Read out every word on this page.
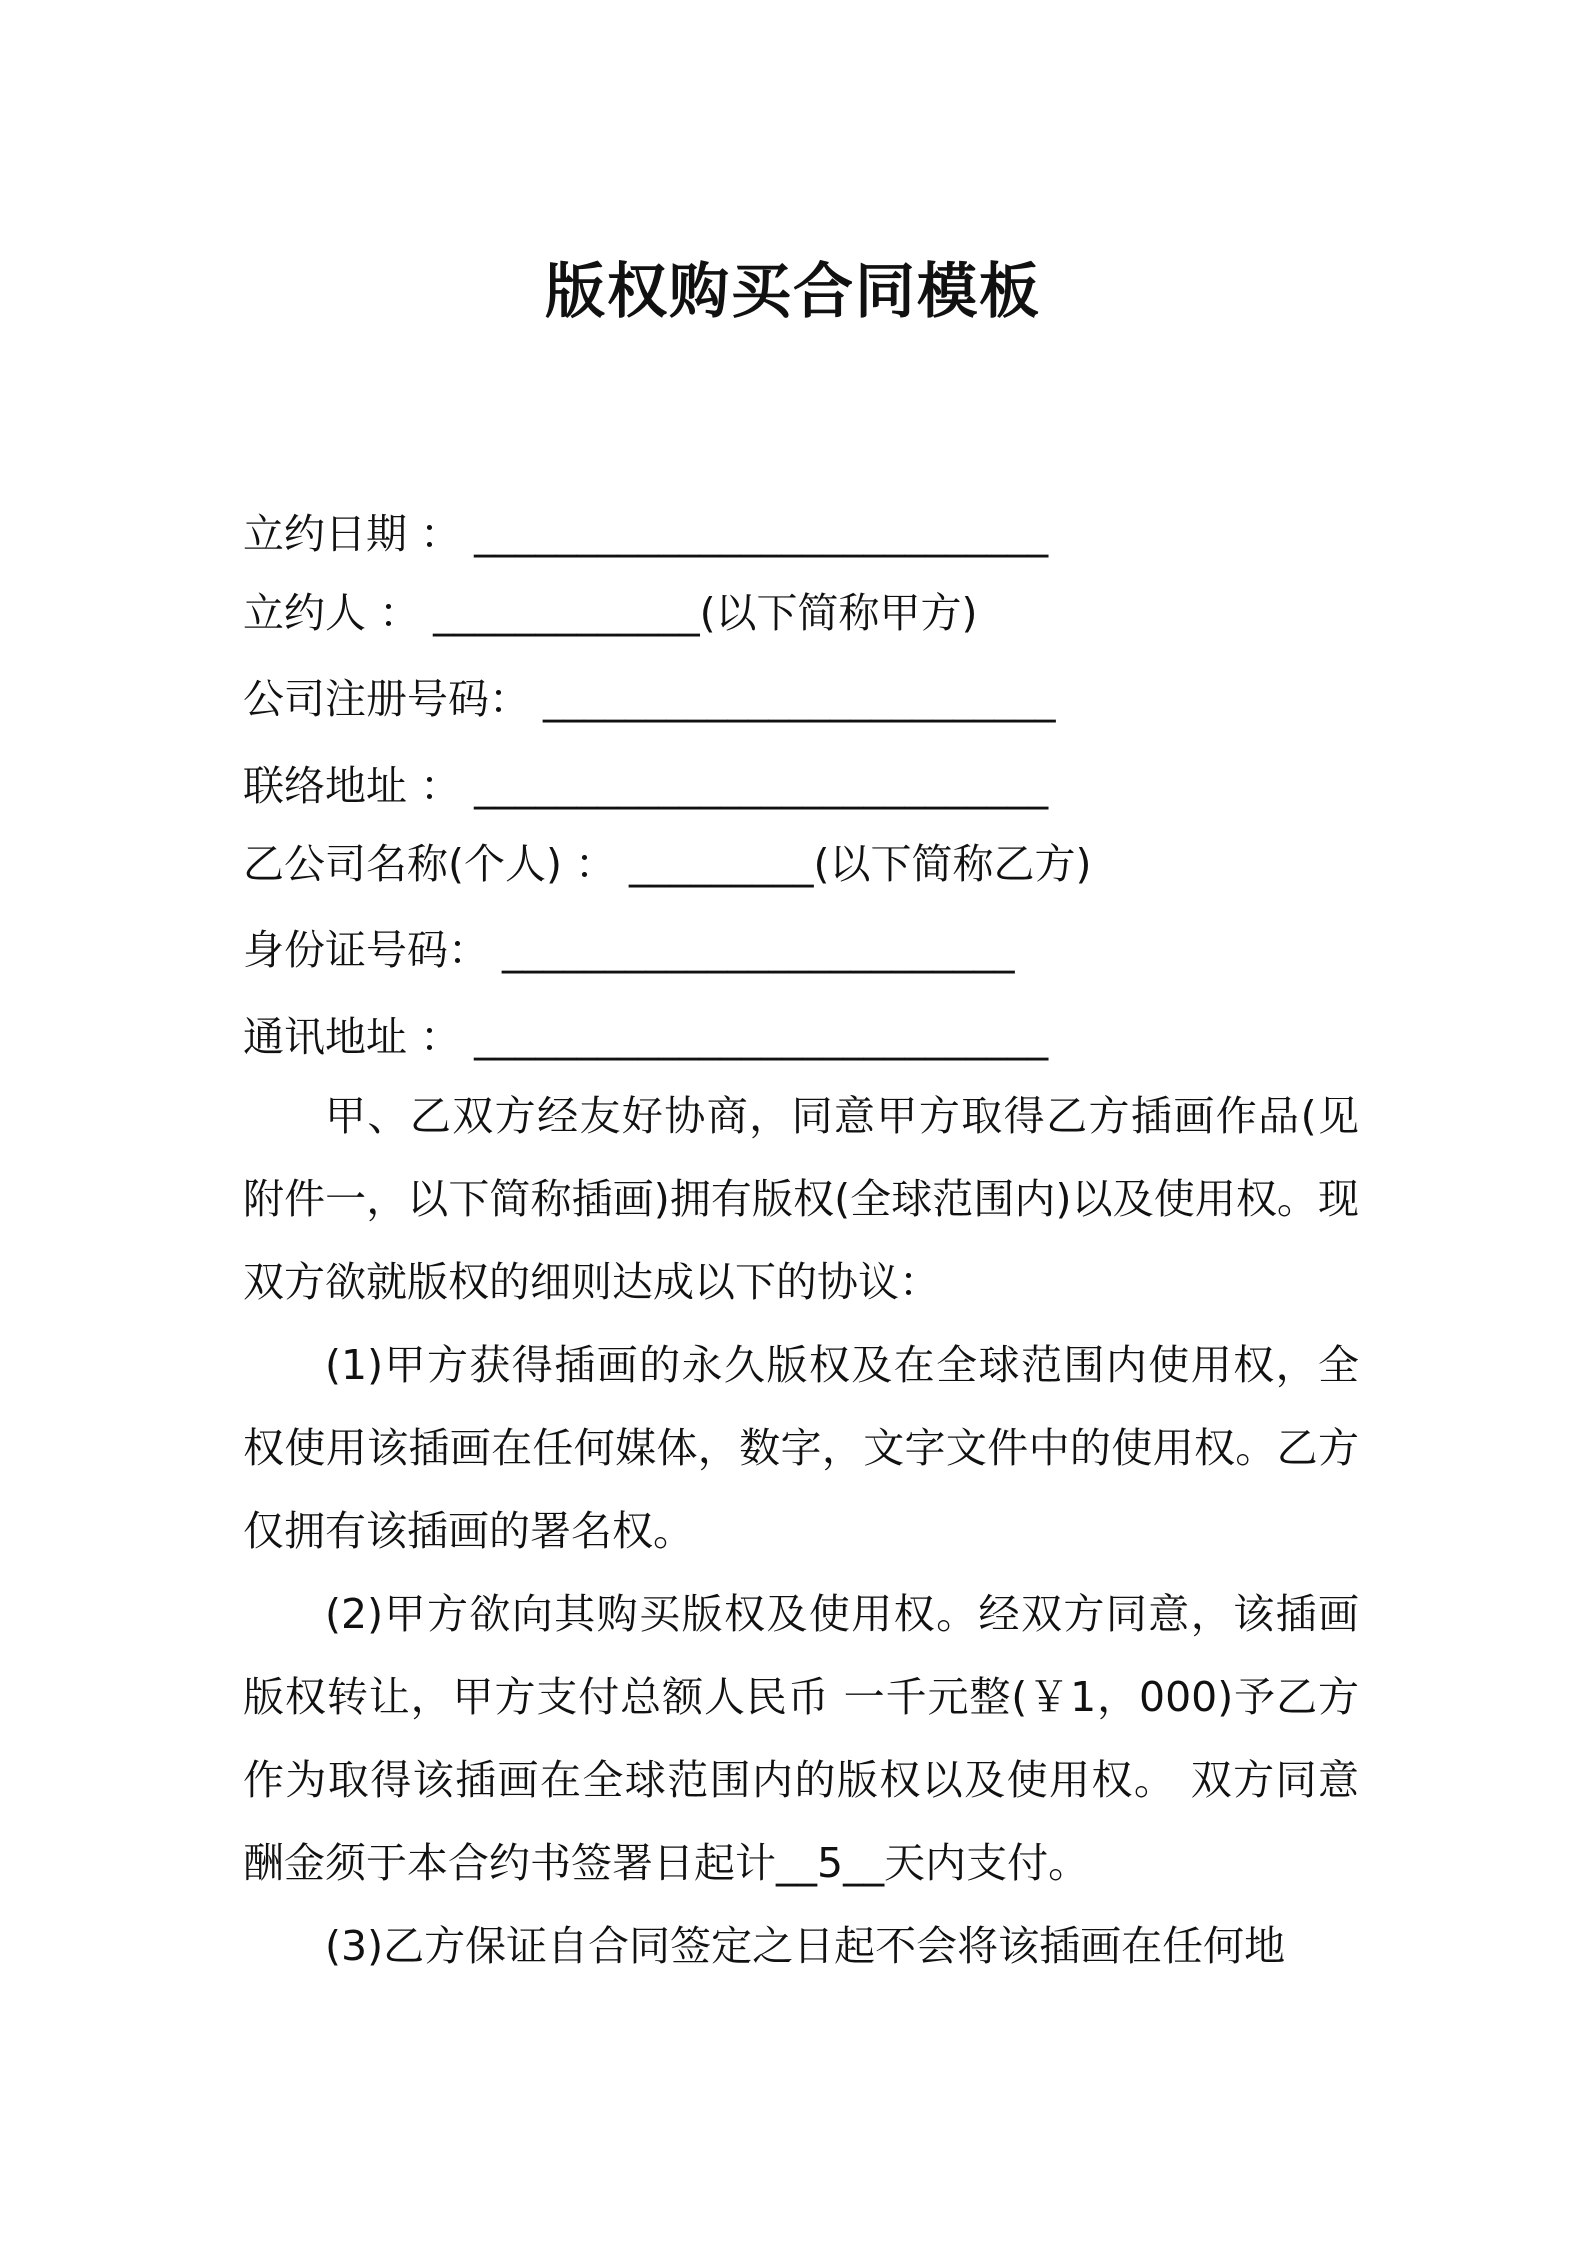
版权购买合同模板
立约日期 ： ____________________________
立约人 ： _____________(以下简称甲方)
公司注册号码： _________________________
联络地址 ： ____________________________
乙公司名称(个人) ： _________(以下简称乙方)
身份证号码： _________________________
通讯地址 ： ____________________________
甲、乙双方经友好协商，同意甲方取得乙方插画作品(见附件一，以下简称插画)拥有版权(全球范围内)以及使用权。现双方欲就版权的细则达成以下的协议：
(1)甲方获得插画的永久版权及在全球范围内使用权，全权使用该插画在任何媒体，数字，文字文件中的使用权。乙方仅拥有该插画的署名权。
(2)甲方欲向其购买版权及使用权。经双方同意，该插画版权转让，甲方支付总额人民币 一千元整(￥1，000)予乙方作为取得该插画在全球范围内的版权以及使用权。 双方同意酬金须于本合约书签署日起计__5__天内支付。
(3)乙方保证自合同签定之日起不会将该插画在任何地
